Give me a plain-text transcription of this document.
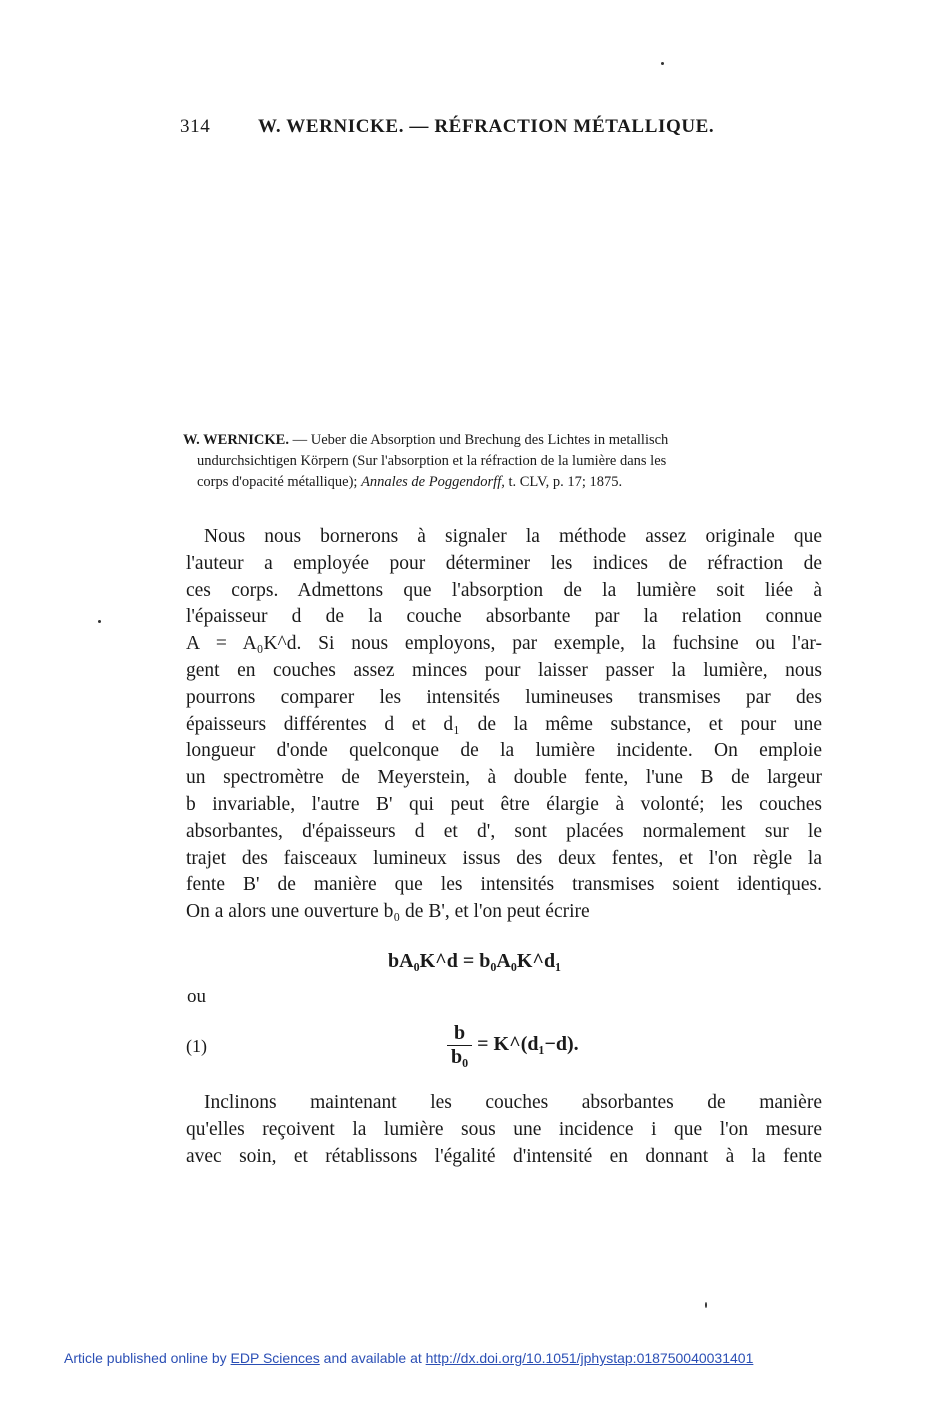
314	W. WERNICKE. — RÉFRACTION MÉTALLIQUE.
W. WERNICKE. — Ueber die Absorption und Brechung des Lichtes in metallisch
undurchsichtigen Körpern (Sur l'absorption et la réfraction de la lumière dans les
corps d'opacité métallique); Annales de Poggendorff, t. CLV, p. 17; 1875.
Nous nous bornerons à signaler la méthode assez originale que
l'auteur a employée pour déterminer les indices de réfraction de
ces corps. Admettons que l'absorption de la lumière soit liée à
l'épaisseur d de la couche absorbante par la relation connue
A = A₀K^d. Si nous employons, par exemple, la fuchsine ou l'ar-
gent en couches assez minces pour laisser passer la lumière, nous
pourrons comparer les intensités lumineuses transmises par des
épaisseurs différentes d et d₁ de la même substance, et pour une
longueur d'onde quelconque de la lumière incidente. On emploie
un spectromètre de Meyerstein, à double fente, l'une B de largeur
b invariable, l'autre B' qui peut être élargie à volonté; les couches
absorbantes, d'épaisseurs d et d', sont placées normalement sur le
trajet des faisceaux lumineux issus des deux fentes, et l'on règle la
fente B' de manière que les intensités transmises soient identiques.
On a alors une ouverture b₀ de B', et l'on peut écrire
bA₀K^d = b₀A₀K^d₁
ou
(1)	$\frac{b}{\text{b₀}}$ = K^(d₁−d).
Inclinons maintenant les couches absorbantes de manière
qu'elles reçoivent la lumière sous une incidence i que l'on mesure
avec soin, et rétablissons l'égalité d'intensité en donnant à la fente
Article published online by EDP Sciences and available at http://dx.doi.org/10.1051/jphystap:018750040031401
